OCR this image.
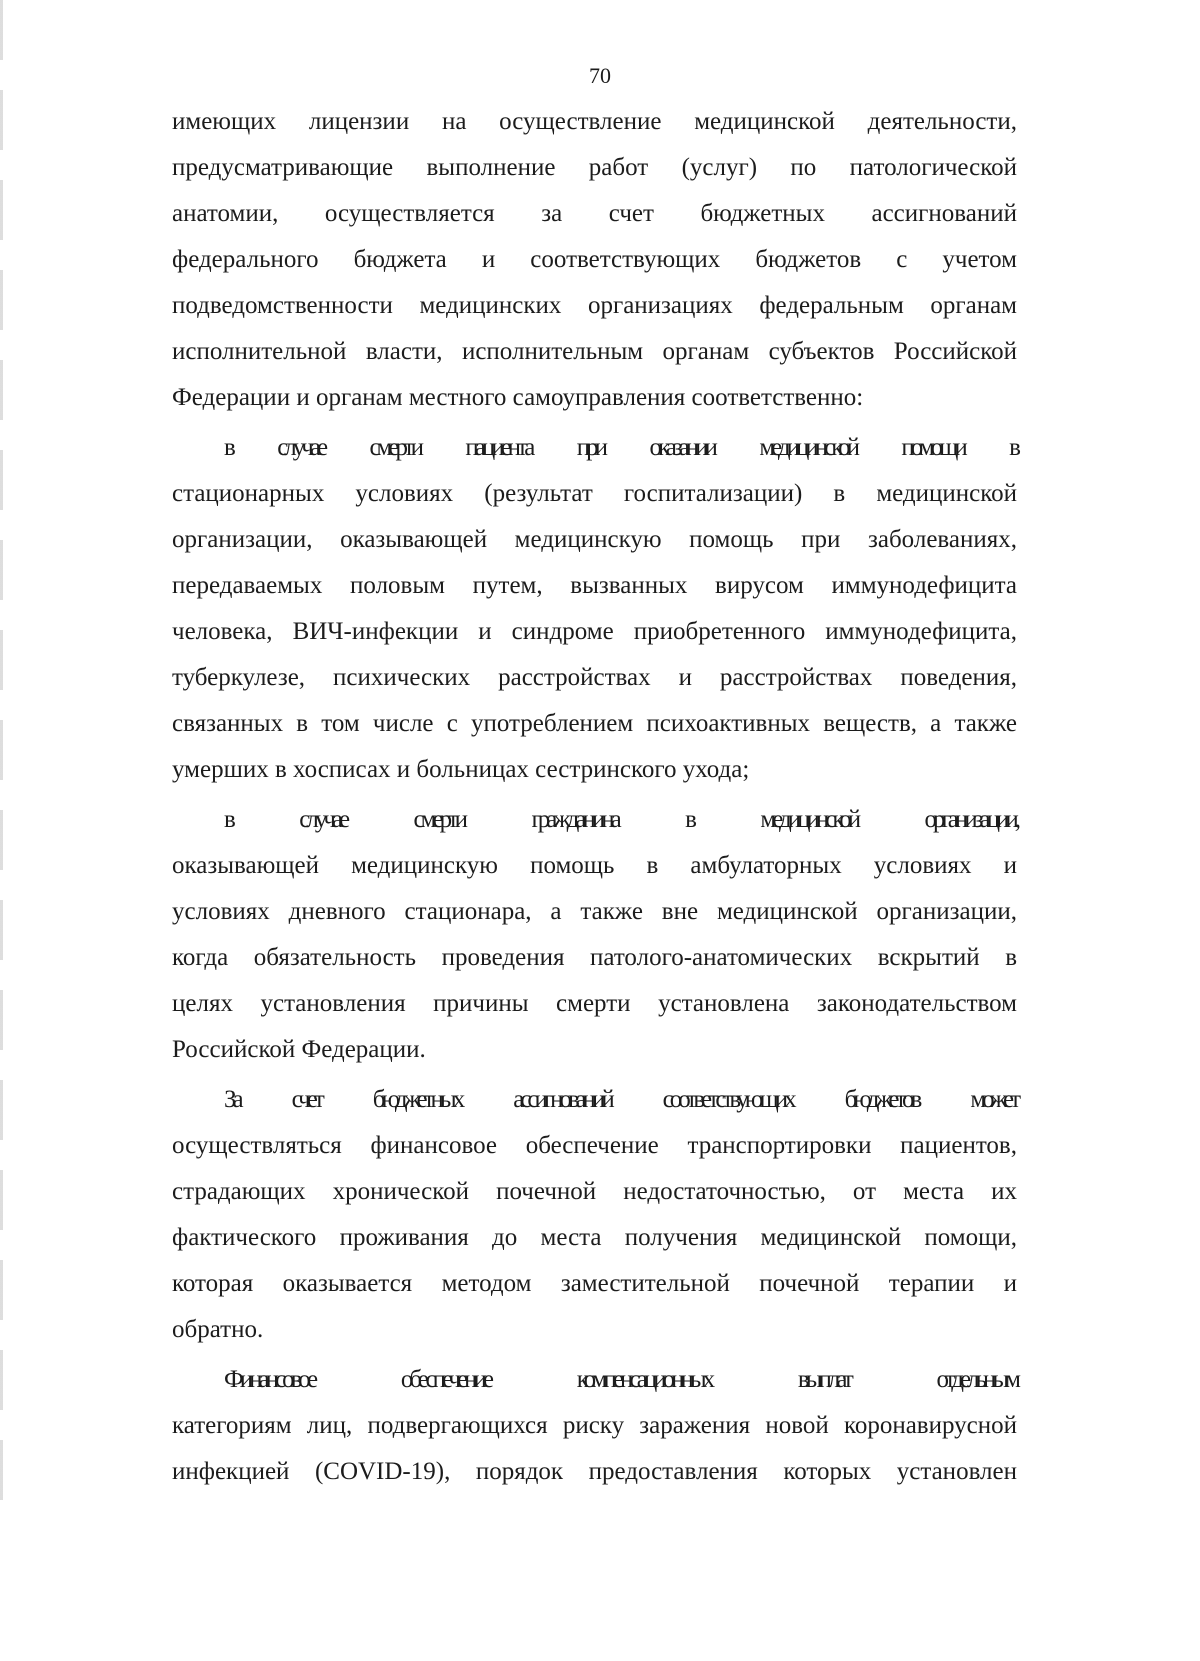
70
имеющих лицензии на осуществление медицинской деятельности,
предусматривающие выполнение работ (услуг) по патологической
анатомии, осуществляется за счет бюджетных ассигнований
федерального бюджета и соответствующих бюджетов с учетом
подведомственности медицинских организациях федеральным органам
исполнительной власти, исполнительным органам субъектов Российской
Федерации и органам местного самоуправления соответственно:
в случае смерти пациента при оказании медицинской помощи в
стационарных условиях (результат госпитализации) в медицинской
организации, оказывающей медицинскую помощь при заболеваниях,
передаваемых половым путем, вызванных вирусом иммунодефицита
человека, ВИЧ-инфекции и синдроме приобретенного иммунодефицита,
туберкулезе, психических расстройствах и расстройствах поведения,
связанных в том числе с употреблением психоактивных веществ, а также
умерших в хосписах и больницах сестринского ухода;
в случае смерти гражданина в медицинской организации,
оказывающей медицинскую помощь в амбулаторных условиях и
условиях дневного стационара, а также вне медицинской организации,
когда обязательность проведения патолого-анатомических вскрытий в
целях установления причины смерти установлена законодательством
Российской Федерации.
За счет бюджетных ассигнований соответствующих бюджетов может
осуществляться финансовое обеспечение транспортировки пациентов,
страдающих хронической почечной недостаточностью, от места их
фактического проживания до места получения медицинской помощи,
которая оказывается методом заместительной почечной терапии и
обратно.
Финансовое обеспечение компенсационных выплат отдельным
категориям лиц, подвергающихся риску заражения новой коронавирусной
инфекцией (COVID-19), порядок предоставления которых установлен
